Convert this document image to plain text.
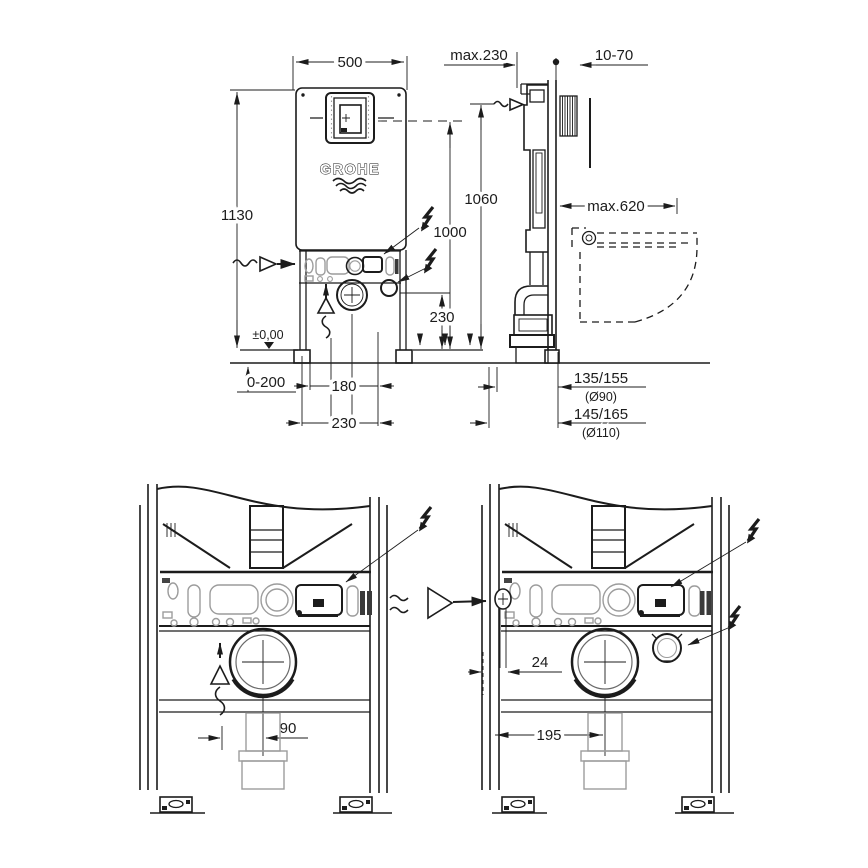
500
1130
GROHE
±0,00
0-200	180
230
1000
230
max.230	10-70
1060	max.620
135/155
(Ø90)
145/165
(Ø110)
90
24
195
